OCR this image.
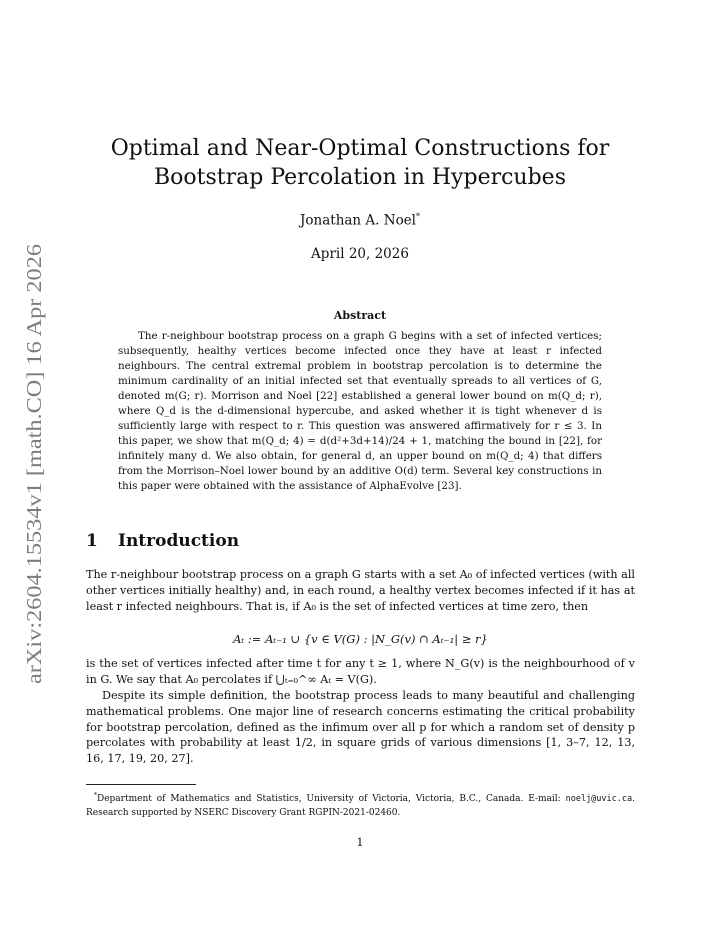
arXiv:2604.15534v1 [math.CO] 16 Apr 2026
Optimal and Near-Optimal Constructions for Bootstrap Percolation in Hypercubes
Jonathan A. Noel*
April 20, 2026
Abstract

The r-neighbour bootstrap process on a graph G begins with a set of infected vertices; subsequently, healthy vertices become infected once they have at least r infected neighbours. The central extremal problem in bootstrap percolation is to determine the minimum cardinality of an initial infected set that eventually spreads to all vertices of G, denoted m(G; r). Morrison and Noel [22] established a general lower bound on m(Q_d; r), where Q_d is the d-dimensional hypercube, and asked whether it is tight whenever d is sufficiently large with respect to r. This question was answered affirmatively for r ≤ 3. In this paper, we show that m(Q_d; 4) = d(d²+3d+14)/24 + 1, matching the bound in [22], for infinitely many d. We also obtain, for general d, an upper bound on m(Q_d; 4) that differs from the Morrison–Noel lower bound by an additive O(d) term. Several key constructions in this paper were obtained with the assistance of AlphaEvolve [23].

1 Introduction

The r-neighbour bootstrap process on a graph G starts with a set A₀ of infected vertices (with all other vertices initially healthy) and, in each round, a healthy vertex becomes infected if it has at least r infected neighbours. That is, if A₀ is the set of infected vertices at time zero, then

Aₜ := Aₜ₋₁ ∪ {v ∈ V(G) : |N_G(v) ∩ Aₜ₋₁| ≥ r}

is the set of vertices infected after time t for any t ≥ 1, where N_G(v) is the neighbourhood of v in G. We say that A₀ percolates if ⋃ₜ₌₀^∞ Aₜ = V(G).

Despite its simple definition, the bootstrap process leads to many beautiful and challenging mathematical problems. One major line of research concerns estimating the critical probability for bootstrap percolation, defined as the infimum over all p for which a random set of density p percolates with probability at least 1/2, in square grids of various dimensions [1, 3–7, 12, 13, 16, 17, 19, 20, 27].

*Department of Mathematics and Statistics, University of Victoria, Victoria, B.C., Canada. E-mail: noelj@uvic.ca. Research supported by NSERC Discovery Grant RGPIN-2021-02460.

1
